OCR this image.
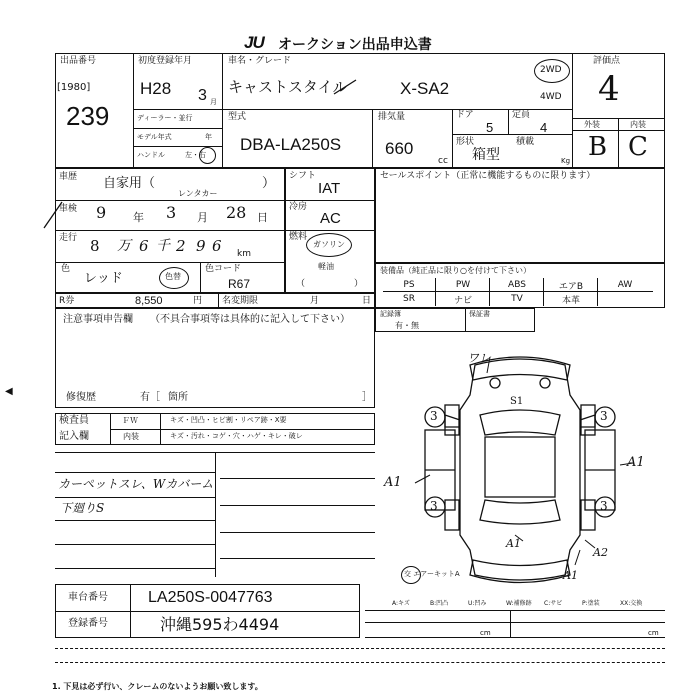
JU オークション出品申込書
出品番号
[1980]
239
初度登録年月
H28 3 月
ディーラー・並行
モデル年式	年
ハンドル	左・右
車名・グレード
キャストスタイル	X-SA2
2WD
4WD
型式
DBA-LA250S
排気量
660
cc
ドア
5
定員
4
形状
箱型
積載
Kg
評価点
4
外装	内装
B C
車歴 自家用（
レンタカー
）
車検 9 年 3 月 28 日
走行 8 万 6 千 2 9 6 km
色
レッド	色替
色コード
R67
シフト
IAT
冷房
AC
燃料
ガソリン
軽油
（	）
セールスポイント（正常に機能するものに限ります）
装備品（純正品に限り○を付けて下さい）
PS	PW	ABS	エアB	AW
SR	ナビ	TV	本革
記録簿
有・無
保証書
R券	8,550	円 名変期限	月	日
注意事項申告欄 （不具合事項等は具体的に記入して下さい）
修復歴	有［ 箇所	］
検査員
記入欄
ＦＷ	キズ・凹凸・ヒビ割・リペア跡・X要
内装	キズ・汚れ・コゲ・穴・ハゲ・キレ・破レ
カーペットスレ、Wカバーム
下廻りS
車台番号	LA250S-0047763
登録番号	沖縄595わ4494
A:キズ	B:凹凸	U:凹み	W:補修跡 C:サビ	P:塗装	XX:交換
cm	cm
1. 下見は必ず行い、クレームのないようお願い致します。
ワレ
S1
3	3
3	3
A1
A1
A1
A2
A1
交 エアーキットA
◀
